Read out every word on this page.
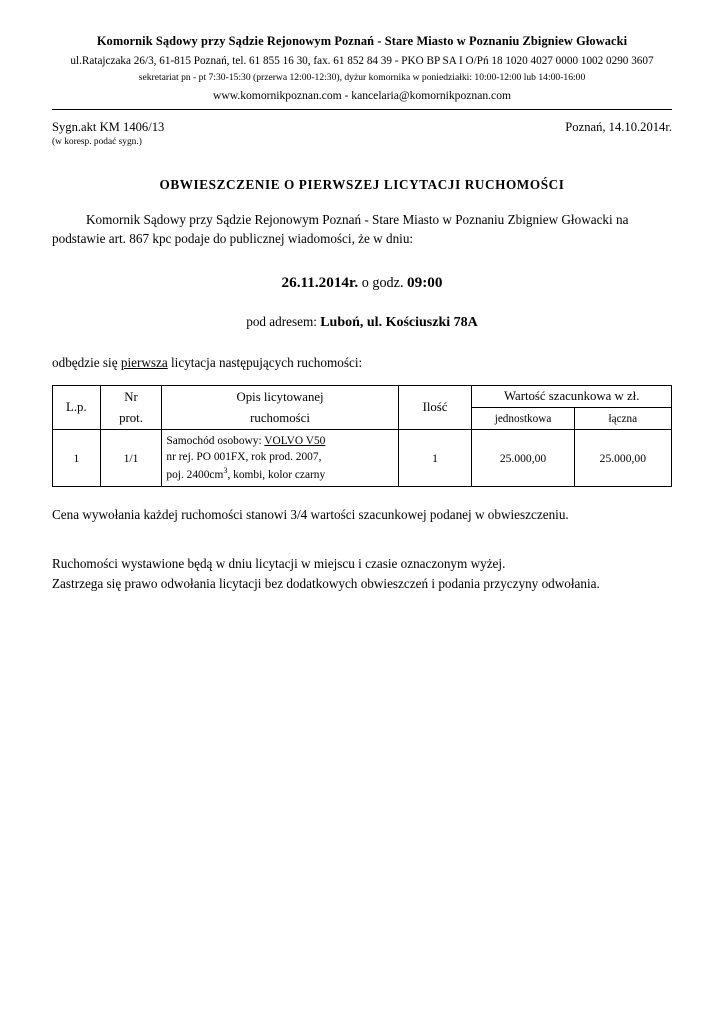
Komornik Sądowy przy Sądzie Rejonowym Poznań - Stare Miasto w Poznaniu Zbigniew Głowacki
ul.Ratajczaka 26/3, 61-815 Poznań, tel. 61 855 16 30, fax. 61 852 84 39 - PKO BP SA I O/Pń 18 1020 4027 0000 1002 0290 3607
sekretariat pn - pt 7:30-15:30 (przerwa 12:00-12:30), dyżur komornika w poniedziałki: 10:00-12:00 lub 14:00-16:00
www.komornikpoznan.com - kancelaria@komornikpoznan.com
Sygn.akt KM 1406/13	Poznań, 14.10.2014r.
(w koresp. podać sygn.)
OBWIESZCZENIE O PIERWSZEJ LICYTACJI RUCHOMOŚCI
Komornik Sądowy przy Sądzie Rejonowym Poznań - Stare Miasto w Poznaniu Zbigniew Głowacki na podstawie art. 867 kpc podaje do publicznej wiadomości, że w dniu:
26.11.2014r. o godz. 09:00
pod adresem: Luboń, ul. Kościuszki 78A
odbędzie się pierwsza licytacja następujących ruchomości:
L.p.	Nr	Opis licytowanej	Ilość	Wartość szacunkowa w zł.	
	prot.	ruchomości		jednostkowa	łączna
1	1/1	Samochód osobowy: VOLVO V50
nr rej. PO 001FX, rok prod. 2007,
poj. $2400cm^3$, kombi, kolor czarny	1	25.000,00	25.000,00
Cena wywołania każdej ruchomości stanowi 3/4 wartości szacunkowej podanej w obwieszczeniu.
Ruchomości wystawione będą w dniu licytacji w miejscu i czasie oznaczonym wyżej.
Zastrzega się prawo odwołania licytacji bez dodatkowych obwieszczeń i podania przyczyny odwołania.
